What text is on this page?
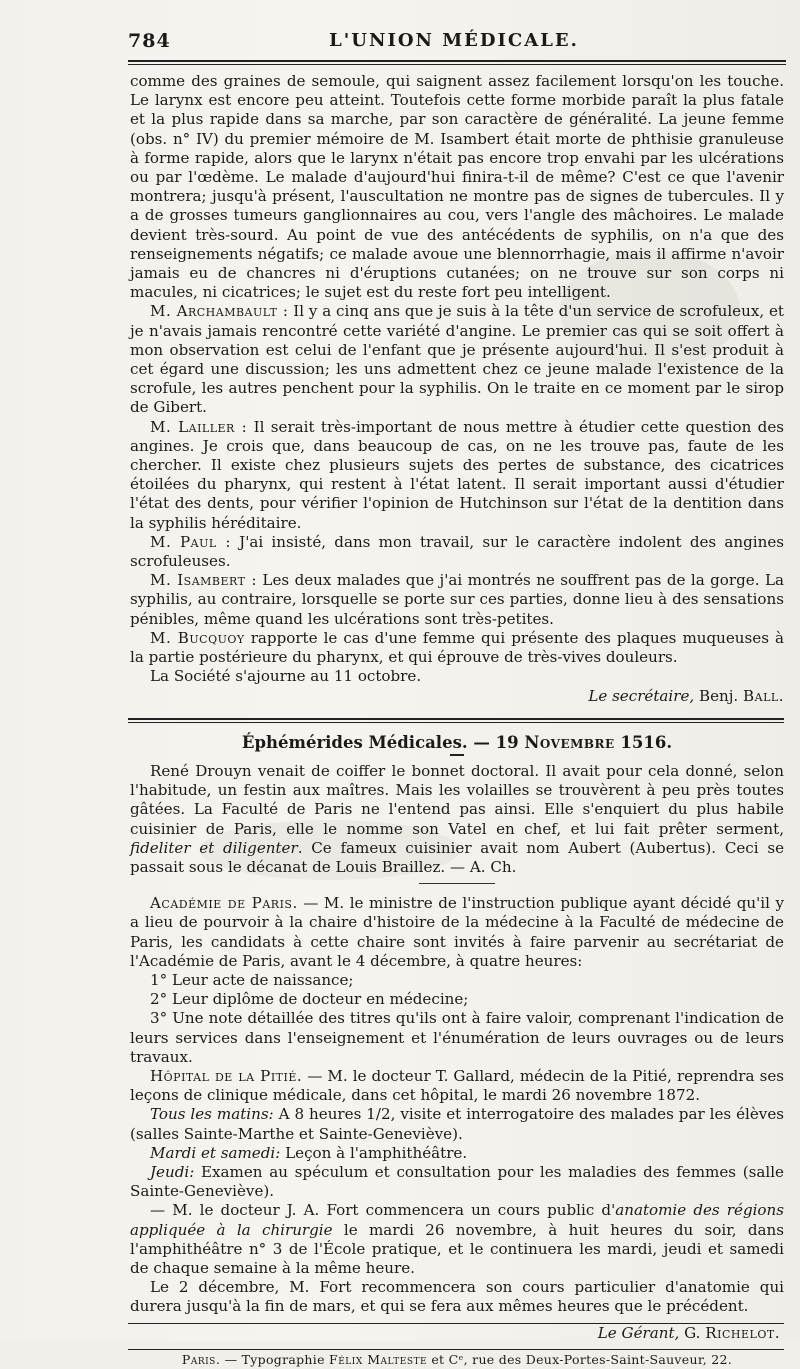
784	L'UNION MÉDICALE.

comme des graines de semoule, qui saignent assez facilement lorsqu'on les touche. Le larynx est encore peu atteint. Toutefois cette forme morbide paraît la plus fatale et la plus rapide dans sa marche, par son caractère de généralité. La jeune femme (obs. n° IV) du premier mémoire de M. Isambert était morte de phthisie granuleuse à forme rapide, alors que le larynx n'était pas encore trop envahi par les ulcérations ou par l'œdème. Le malade d'aujourd'hui finira-t-il de même? C'est ce que l'avenir montrera; jusqu'à présent, l'auscultation ne montre pas de signes de tubercules. Il y a de grosses tumeurs ganglionnaires au cou, vers l'angle des mâchoires. Le malade devient très-sourd. Au point de vue des antécédents de syphilis, on n'a que des renseignements négatifs; ce malade avoue une blennorrhagie, mais il affirme n'avoir jamais eu de chancres ni d'éruptions cutanées; on ne trouve sur son corps ni macules, ni cicatrices; le sujet est du reste fort peu intelligent.

M. Archambault : Il y a cinq ans que je suis à la tête d'un service de scrofuleux, et je n'avais jamais rencontré cette variété d'angine. Le premier cas qui se soit offert à mon observation est celui de l'enfant que je présente aujourd'hui. Il s'est produit à cet égard une discussion; les uns admettent chez ce jeune malade l'existence de la scrofule, les autres penchent pour la syphilis. On le traite en ce moment par le sirop de Gibert.

M. Lailler : Il serait très-important de nous mettre à étudier cette question des angines. Je crois que, dans beaucoup de cas, on ne les trouve pas, faute de les chercher. Il existe chez plusieurs sujets des pertes de substance, des cicatrices étoilées du pharynx, qui restent à l'état latent. Il serait important aussi d'étudier l'état des dents, pour vérifier l'opinion de Hutchinson sur l'état de la dentition dans la syphilis héréditaire.

M. Paul : J'ai insisté, dans mon travail, sur le caractère indolent des angines scrofuleuses.

M. Isambert : Les deux malades que j'ai montrés ne souffrent pas de la gorge. La syphilis, au contraire, lorsquelle se porte sur ces parties, donne lieu à des sensations pénibles, même quand les ulcérations sont très-petites.

M. Bucquoy rapporte le cas d'une femme qui présente des plaques muqueuses à la partie postérieure du pharynx, et qui éprouve de très-vives douleurs.

La Société s'ajourne au 11 octobre.

Le secrétaire, Benj. Ball.

Éphémérides Médicales. — 19 Novembre 1516.

René Drouyn venait de coiffer le bonnet doctoral. Il avait pour cela donné, selon l'habitude, un festin aux maîtres. Mais les volailles se trouvèrent à peu près toutes gâtées. La Faculté de Paris ne l'entend pas ainsi. Elle s'enquiert du plus habile cuisinier de Paris, elle le nomme son Vatel en chef, et lui fait prêter serment, fideliter et diligenter. Ce fameux cuisinier avait nom Aubert (Aubertus). Ceci se passait sous le décanat de Louis Braillez. — A. Ch.

Académie de Paris. — M. le ministre de l'instruction publique ayant décidé qu'il y a lieu de pourvoir à la chaire d'histoire de la médecine à la Faculté de médecine de Paris, les candidats à cette chaire sont invités à faire parvenir au secrétariat de l'Académie de Paris, avant le 4 décembre, à quatre heures:

1° Leur acte de naissance;

2° Leur diplôme de docteur en médecine;

3° Une note détaillée des titres qu'ils ont à faire valoir, comprenant l'indication de leurs services dans l'enseignement et l'énumération de leurs ouvrages ou de leurs travaux.

Hôpital de la Pitié. — M. le docteur T. Gallard, médecin de la Pitié, reprendra ses leçons de clinique médicale, dans cet hôpital, le mardi 26 novembre 1872.

Tous les matins: A 8 heures 1/2, visite et interrogatoire des malades par les élèves (salles Sainte-Marthe et Sainte-Geneviève).

Mardi et samedi: Leçon à l'amphithéâtre.

Jeudi: Examen au spéculum et consultation pour les maladies des femmes (salle Sainte-Geneviève).

— M. le docteur J. A. Fort commencera un cours public d'anatomie des régions appliquée à la chirurgie le mardi 26 novembre, à huit heures du soir, dans l'amphithéâtre n° 3 de l'École pratique, et le continuera les mardi, jeudi et samedi de chaque semaine à la même heure.

Le 2 décembre, M. Fort recommencera son cours particulier d'anatomie qui durera jusqu'à la fin de mars, et qui se fera aux mêmes heures que le précédent.

Le Gérant, G. Richelot.

Paris. — Typographie Félix Malteste et Cᵉ, rue des Deux-Portes-Saint-Sauveur, 22.
